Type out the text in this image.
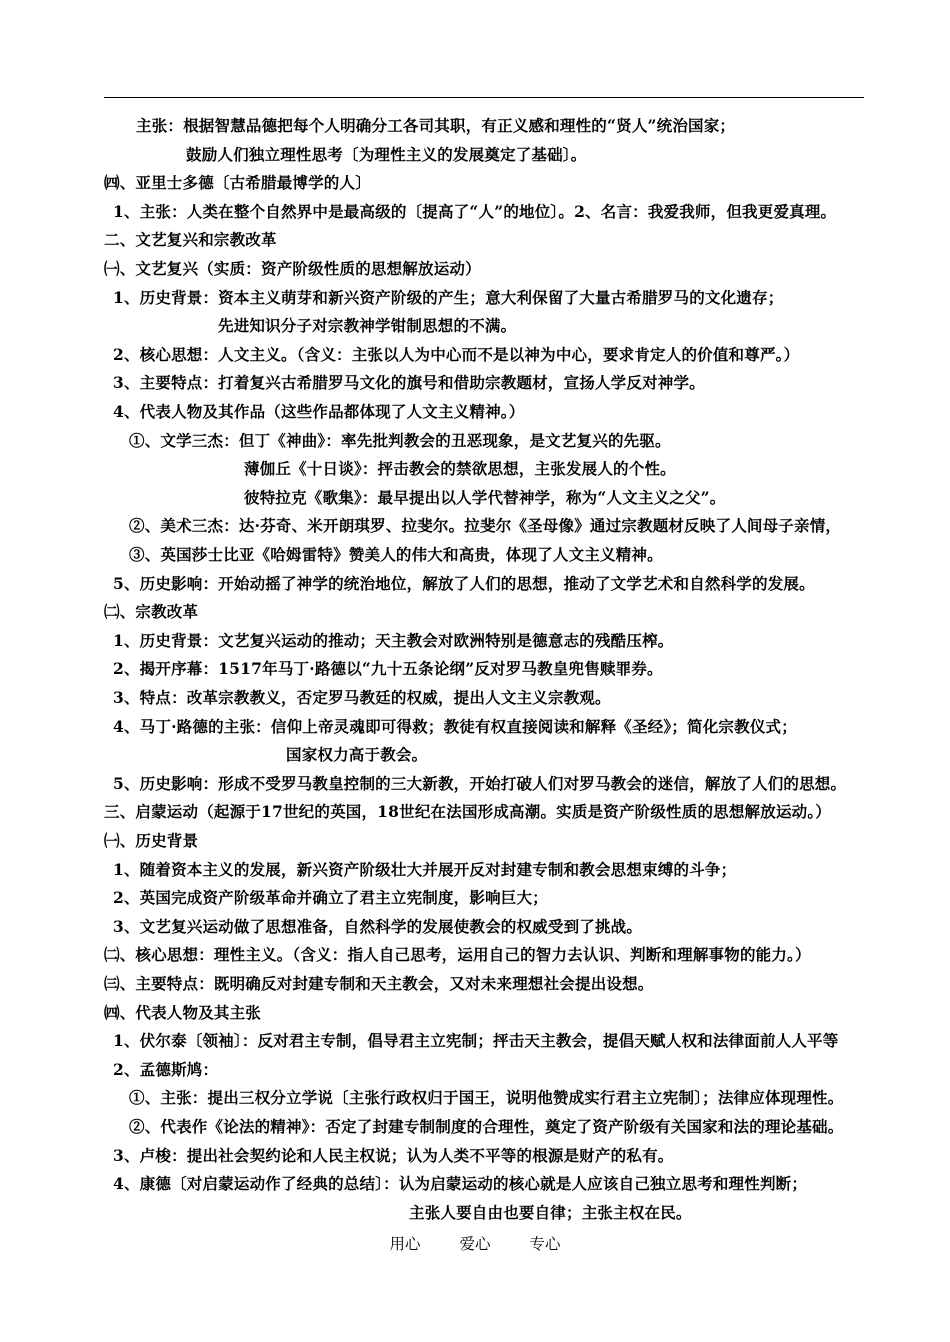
主张：根据智慧品德把每个人明确分工各司其职，有正义感和理性的“贤人”统治国家；
鼓励人们独立理性思考〔为理性主义的发展奠定了基础〕。
㈣、亚里士多德〔古希腊最博学的人〕
1、主张：人类在整个自然界中是最高级的〔提高了“人”的地位〕。2、名言：我爱我师，但我更爱真理。
二、文艺复兴和宗教改革
㈠、文艺复兴（实质：资产阶级性质的思想解放运动）
1、历史背景：资本主义萌芽和新兴资产阶级的产生；意大利保留了大量古希腊罗马的文化遗存；
先进知识分子对宗教神学钳制思想的不满。
2、核心思想：人文主义。（含义：主张以人为中心而不是以神为中心，要求肯定人的价值和尊严。）
3、主要特点：打着复兴古希腊罗马文化的旗号和借助宗教题材，宣扬人学反对神学。
4、代表人物及其作品（这些作品都体现了人文主义精神。）
①、文学三杰：但丁《神曲》：率先批判教会的丑恶现象，是文艺复兴的先驱。
薄伽丘《十日谈》：抨击教会的禁欲思想，主张发展人的个性。
彼特拉克《歌集》：最早提出以人学代替神学，称为“人文主义之父”。
②、美术三杰：达·芬奇、米开朗琪罗、拉斐尔。拉斐尔《圣母像》通过宗教题材反映了人间母子亲情，
③、英国莎士比亚《哈姆雷特》赞美人的伟大和高贵，体现了人文主义精神。
5、历史影响：开始动摇了神学的统治地位，解放了人们的思想，推动了文学艺术和自然科学的发展。
㈡、宗教改革
1、历史背景：文艺复兴运动的推动；天主教会对欧洲特别是德意志的残酷压榨。
2、揭开序幕：1517年马丁·路德以“九十五条论纲”反对罗马教皇兜售赎罪券。
3、特点：改革宗教教义，否定罗马教廷的权威，提出人文主义宗教观。
4、马丁·路德的主张：信仰上帝灵魂即可得救；教徒有权直接阅读和解释《圣经》；简化宗教仪式；
国家权力高于教会。
5、历史影响：形成不受罗马教皇控制的三大新教，开始打破人们对罗马教会的迷信，解放了人们的思想。
三、启蒙运动（起源于17世纪的英国，18世纪在法国形成高潮。实质是资产阶级性质的思想解放运动。）
㈠、历史背景
1、随着资本主义的发展，新兴资产阶级壮大并展开反对封建专制和教会思想束缚的斗争；
2、英国完成资产阶级革命并确立了君主立宪制度，影响巨大；
3、文艺复兴运动做了思想准备，自然科学的发展使教会的权威受到了挑战。
㈡、核心思想：理性主义。（含义：指人自己思考，运用自己的智力去认识、判断和理解事物的能力。）
㈢、主要特点：既明确反对封建专制和天主教会，又对未来理想社会提出设想。
㈣、代表人物及其主张
1、伏尔泰〔领袖〕：反对君主专制，倡导君主立宪制；抨击天主教会，提倡天赋人权和法律面前人人平等
2、孟德斯鸠：
①、主张：提出三权分立学说〔主张行政权归于国王，说明他赞成实行君主立宪制〕；法律应体现理性。
②、代表作《论法的精神》：否定了封建专制制度的合理性，奠定了资产阶级有关国家和法的理论基础。
3、卢梭：提出社会契约论和人民主权说；认为人类不平等的根源是财产的私有。
4、康德〔对启蒙运动作了经典的总结〕：认为启蒙运动的核心就是人应该自己独立思考和理性判断；
主张人要自由也要自律；主张主权在民。
用心	爱心	专心
